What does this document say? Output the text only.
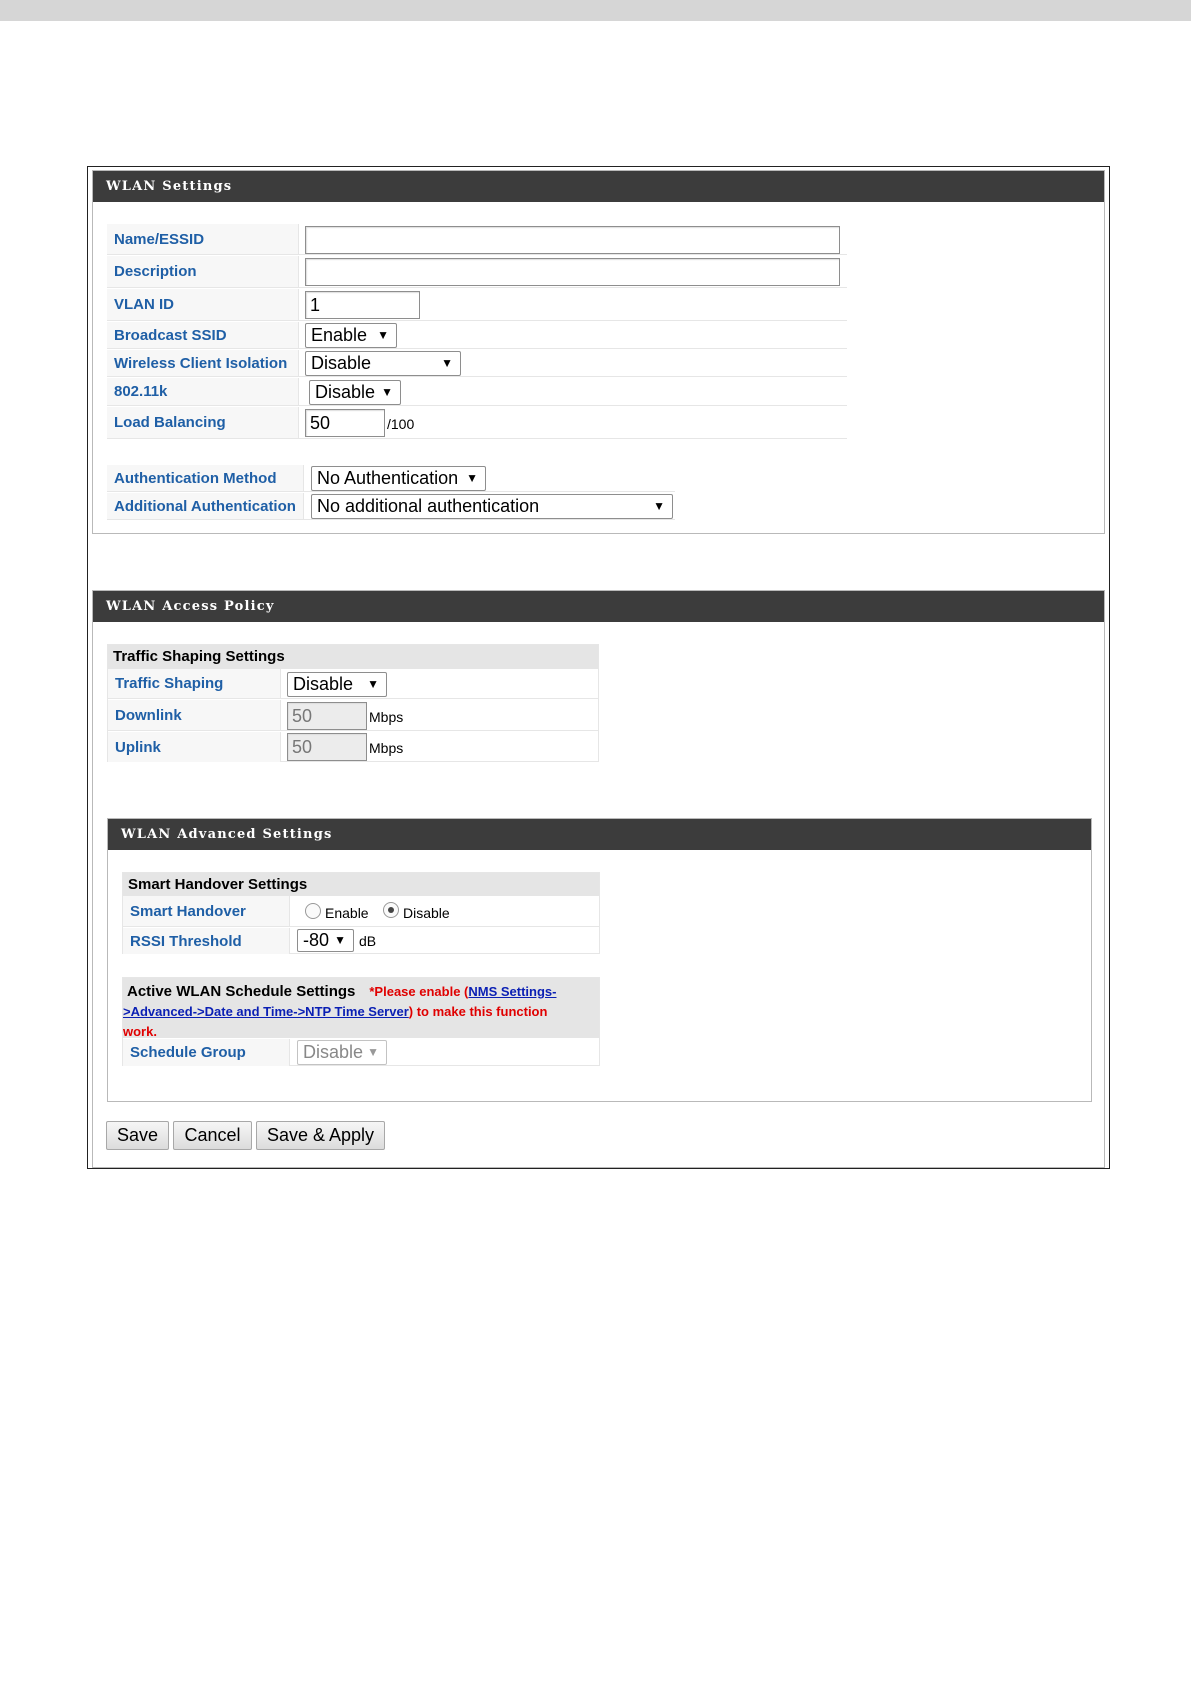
WLAN Settings
Name/ESSID
Description
VLAN ID	1
Broadcast SSID	Enable ▼
Wireless Client Isolation	Disable	▼
802.11k	Disable ▼
Load Balancing	50	/100
Authentication Method	No Authentication ▼
Additional Authentication	No additional authentication	▼
WLAN Access Policy
Traffic Shaping Settings
Traffic Shaping	Disable ▼
Downlink	50	Mbps
Uplink	50	Mbps
WLAN Advanced Settings
Smart Handover Settings
Smart Handover	Enable Disable
RSSI Threshold	-80 ▼ dB
Active WLAN Schedule Settings *Please enable (NMS Settings-
>Advanced->Date and Time->NTP Time Server) to make this function
work.
Schedule Group	Disable ▼
Save	Cancel	Save & Apply
